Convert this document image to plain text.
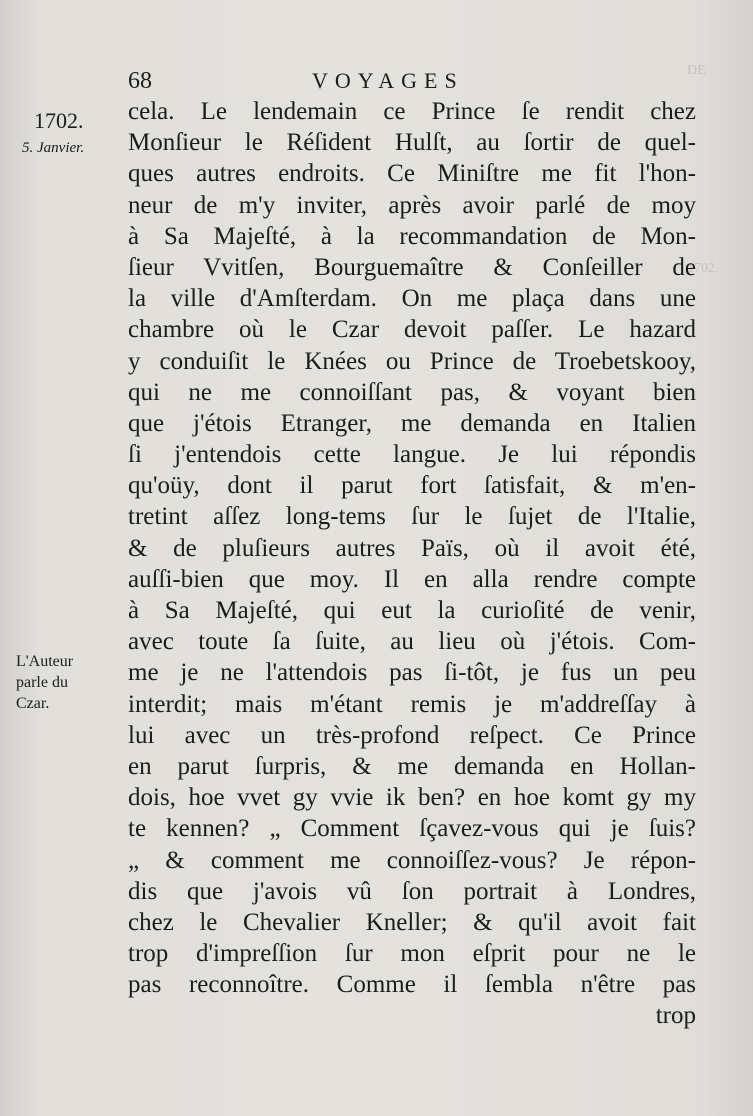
DE

1702.

68	VOYAGES
1702.
5. Janvier.
L'Auteur
parle du
Czar.
cela. Le lendemain ce Prince ſe rendit chez
Monſieur le Réſident Hulſt, au ſortir de quel-
ques autres endroits. Ce Miniſtre me fit l'hon-
neur de m'y inviter, après avoir parlé de moy
à Sa Majeſté, à la recommandation de Mon-
ſieur Vvitſen, Bourguemaître & Conſeiller de
la ville d'Amſterdam. On me plaça dans une
chambre où le Czar devoit paſſer. Le hazard
y conduiſit le Knées ou Prince de Troebetskooy,
qui ne me connoiſſant pas, & voyant bien
que j'étois Etranger, me demanda en Italien
ſi j'entendois cette langue. Je lui répondis
qu'oüy, dont il parut fort ſatisfait, & m'en-
tretint aſſez long-tems ſur le ſujet de l'Italie,
& de pluſieurs autres Païs, où il avoit été,
auſſi-bien que moy. Il en alla rendre compte
à Sa Majeſté, qui eut la curioſité de venir,
avec toute ſa ſuite, au lieu où j'étois. Com-
me je ne l'attendois pas ſi-tôt, je fus un peu
interdit; mais m'étant remis je m'addreſſay à
lui avec un très-profond reſpect. Ce Prince
en parut ſurpris, & me demanda en Hollan-
dois, hoe vvet gy vvie ik ben? en hoe komt gy my
te kennen? „ Comment ſçavez-vous qui je ſuis?
„ & comment me connoiſſez-vous? Je répon-
dis que j'avois vû ſon portrait à Londres,
chez le Chevalier Kneller; & qu'il avoit fait
trop d'impreſſion ſur mon eſprit pour ne le
pas reconnoître. Comme il ſembla n'être pas
trop
